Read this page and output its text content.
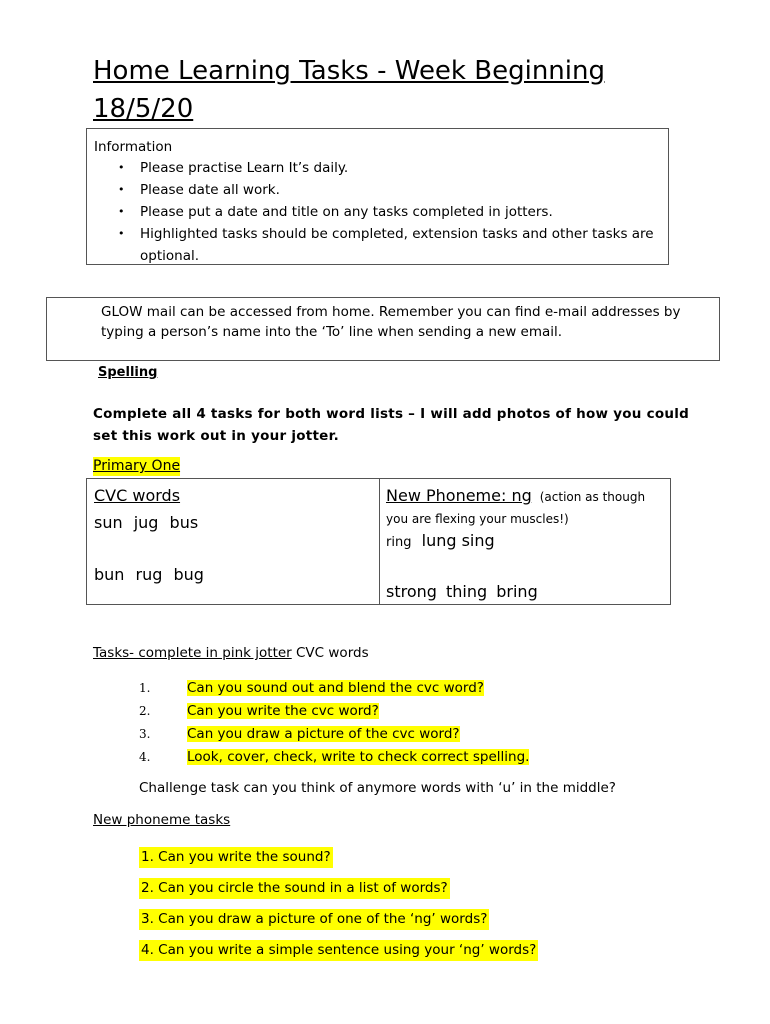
Home Learning Tasks - Week Beginning 18/5/20
Information
• Please practise Learn It’s daily.
• Please date all work.
• Please put a date and title on any tasks completed in jotters.
• Highlighted tasks should be completed, extension tasks and other tasks are optional.
GLOW mail can be accessed from home. Remember you can find e-mail addresses by typing a person’s name into the ‘To’ line when sending a new email.
Spelling
Complete all 4 tasks for both word lists – I will add photos of how you could set this work out in your jotter.
Primary One
CVC words
sun jug bus
bun rug bug

New Phoneme: ng (action as though
you are flexing your muscles!)
ring lung sing
strong thing bring
Tasks- complete in pink jotter CVC words
1.	Can you sound out and blend the cvc word?
2.	Can you write the cvc word?
3.	Can you draw a picture of the cvc word?
4.	Look, cover, check, write to check correct spelling.
Challenge task can you think of anymore words with ‘u’ in the middle?
New phoneme tasks
1. Can you write the sound?
2. Can you circle the sound in a list of words?
3. Can you draw a picture of one of the ‘ng’ words?
4. Can you write a simple sentence using your ‘ng’ words?
